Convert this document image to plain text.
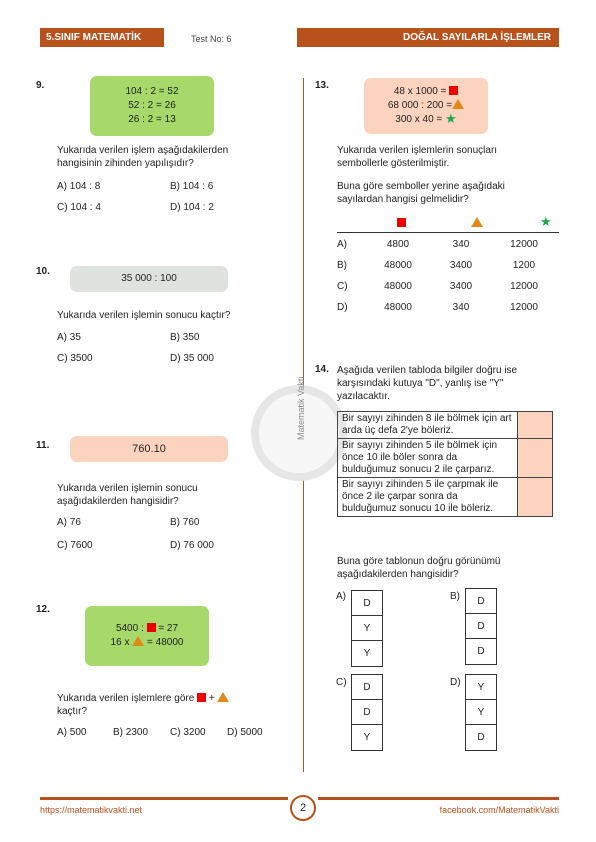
5.SINIF MATEMATİK	Test No: 6	DOĞAL SAYILARLA İŞLEMLER
Matematik Vakti
9.
104 : 2 = 52
52 : 2 = 26
26 : 2 = 13
Yukarıda verilen işlem aşağıdakilerden
hangisinin zihinden yapılışıdır?
A) 104 : 8	B) 104 : 6
C) 104 : 4	D) 104 : 2
10.
35 000 : 100
Yukarıda verilen işlemin sonucu kaçtır?
A) 35	B) 350
C) 3500	D) 35 000
11.	760.10
Yukarıda verilen işlemin sonucu
aşağıdakilerden hangisidir?
A) 76	B) 760
C) 7600	D) 76 000
12.
5400 : = 27
16 x = 48000
Yukarıda verilen işlemlere göre  +
kaçtır?
A) 500	B) 2300 C) 3200 D) 5000
13.
48 x 1000 =
68 000 : 200 =
300 x 40 = ★
Yukarıda verilen işlemlerin sonuçları
sembollerle gösterilmiştir.
Buna göre semboller yerine aşağıdaki
sayılardan hangisi gelmelidir?
★
A)	4800	340	12000
B)	48000	3400	1200
C)	48000	3400	12000
D)	48000	340	12000
14. Aşağıda verilen tabloda bilgiler doğru ise
karşısındaki kutuya "D", yanlış ise "Y"
yazılacaktır.
Bir sayıyı zihinden 8 ile bölmek için art arda üç defa 2'ye böleriz.
Bir sayıyı zihinden 5 ile bölmek için önce 10 ile böler sonra da bulduğumuz sonucu 2 ile çarparız.
Bir sayıyı zihinden 5 ile çarpmak ile önce 2 ile çarpar sonra da bulduğumuz sonucu 10 ile böleriz.
Buna göre tablonun doğru görünümü
aşağıdakilerden hangisidir?
A)
D
Y
Y
B)	D
D
D
C)	D
D
Y
D)	Y
Y
D
2
https://matematikvakti.net	facebook.com/MatematikVakti
